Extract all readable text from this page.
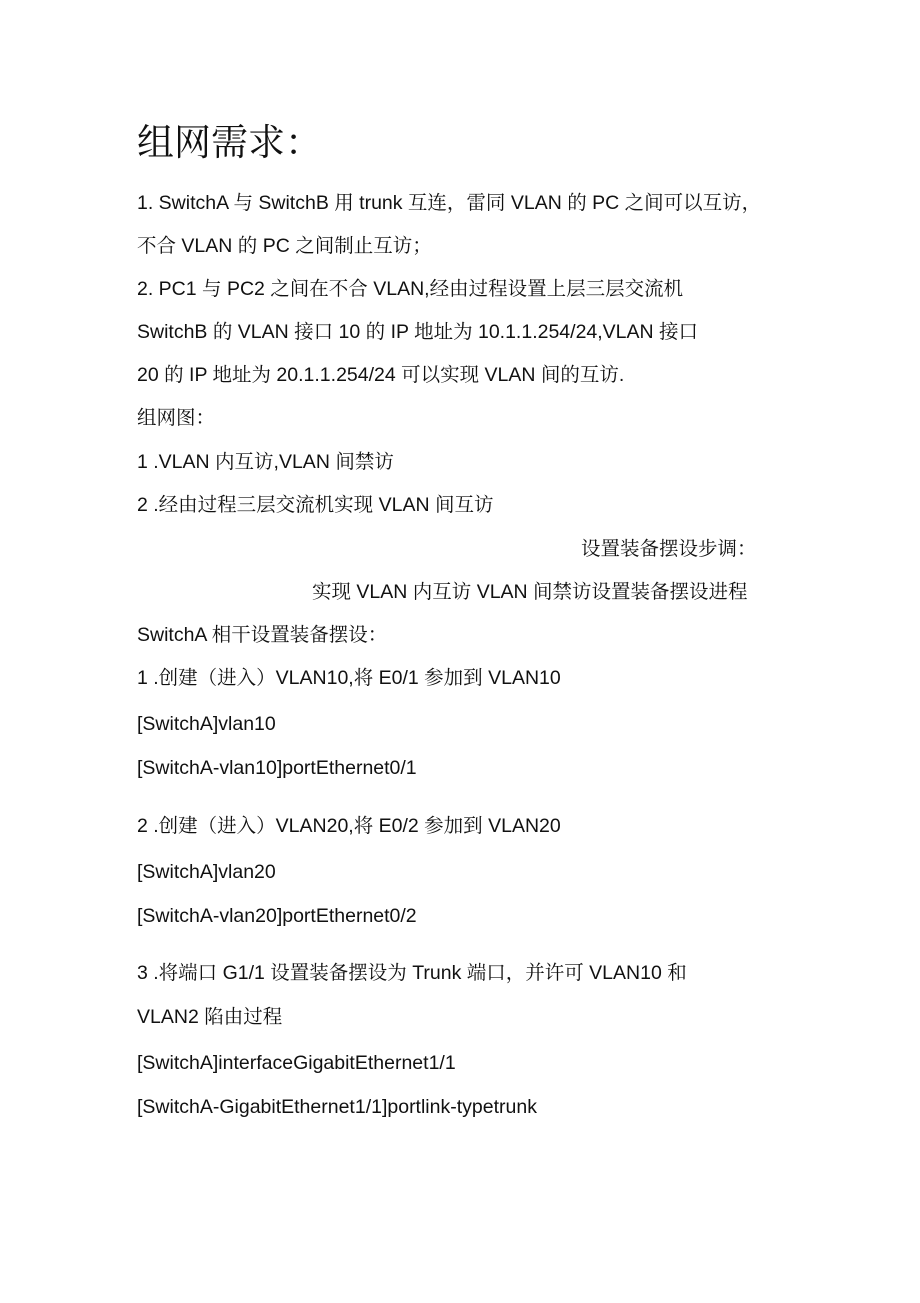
组网需求：
1. SwitchA 与 SwitchB 用 trunk 互连，雷同 VLAN 的 PC 之间可以互访，
不合 VLAN 的 PC 之间制止互访；
2. PC1 与 PC2 之间在不合 VLAN,经由过程设置上层三层交流机
SwitchB 的 VLAN 接口 10 的 IP 地址为 10.1.1.254/24,VLAN 接口
20 的 IP 地址为 20.1.1.254/24 可以实现 VLAN 间的互访.
组网图：
1 .VLAN 内互访,VLAN 间禁访
2 .经由过程三层交流机实现 VLAN 间互访
设置装备摆设步调：
实现 VLAN 内互访 VLAN 间禁访设置装备摆设进程
SwitchA 相干设置装备摆设：
1 .创建（进入）VLAN10,将 E0/1 参加到 VLAN10
[SwitchA]vlan10
[SwitchA-vlan10]portEthernet0/1
2 .创建（进入）VLAN20,将 E0/2 参加到 VLAN20
[SwitchA]vlan20
[SwitchA-vlan20]portEthernet0/2
3 .将端口 G1/1 设置装备摆设为 Trunk 端口，并许可 VLAN10 和
VLAN2 陷由过程
[SwitchA]interfaceGigabitEthernet1/1
[SwitchA-GigabitEthernet1/1]portlink-typetrunk
